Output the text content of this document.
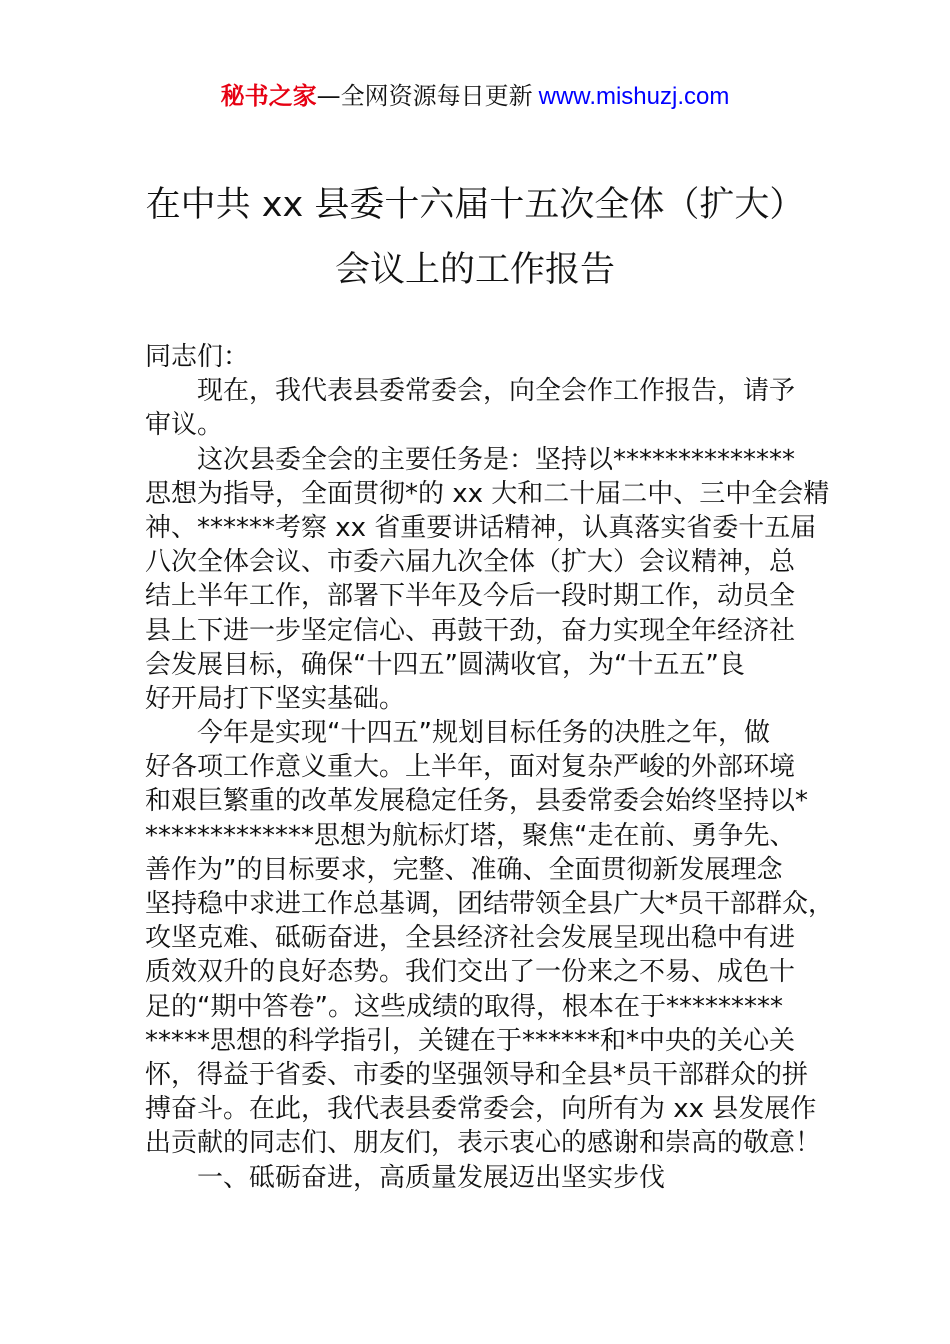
秘书之家—全网资源每日更新 www.mishuzj.com
在中共 xx 县委十六届十五次全体（扩大）
会议上的工作报告
同志们：
现在，我代表县委常委会，向全会作工作报告，请予
审议。
这次县委全会的主要任务是：坚持以**************
思想为指导，全面贯彻*的 xx 大和二十届二中、三中全会精
神、******考察 xx 省重要讲话精神，认真落实省委十五届
八次全体会议、市委六届九次全体（扩大）会议精神，总
结上半年工作，部署下半年及今后一段时期工作，动员全
县上下进一步坚定信心、再鼓干劲，奋力实现全年经济社
会发展目标，确保“十四五”圆满收官，为“十五五”良
好开局打下坚实基础。
今年是实现“十四五”规划目标任务的决胜之年，做
好各项工作意义重大。上半年，面对复杂严峻的外部环境
和艰巨繁重的改革发展稳定任务，县委常委会始终坚持以*
*************思想为航标灯塔，聚焦“走在前、勇争先、
善作为”的目标要求，完整、准确、全面贯彻新发展理念
坚持稳中求进工作总基调，团结带领全县广大*员干部群众，
攻坚克难、砥砺奋进，全县经济社会发展呈现出稳中有进
质效双升的良好态势。我们交出了一份来之不易、成色十
足的“期中答卷”。这些成绩的取得，根本在于*********
*****思想的科学指引，关键在于******和*中央的关心关
怀，得益于省委、市委的坚强领导和全县*员干部群众的拼
搏奋斗。在此，我代表县委常委会，向所有为 xx 县发展作
出贡献的同志们、朋友们，表示衷心的感谢和崇高的敬意！
一、砥砺奋进，高质量发展迈出坚实步伐
